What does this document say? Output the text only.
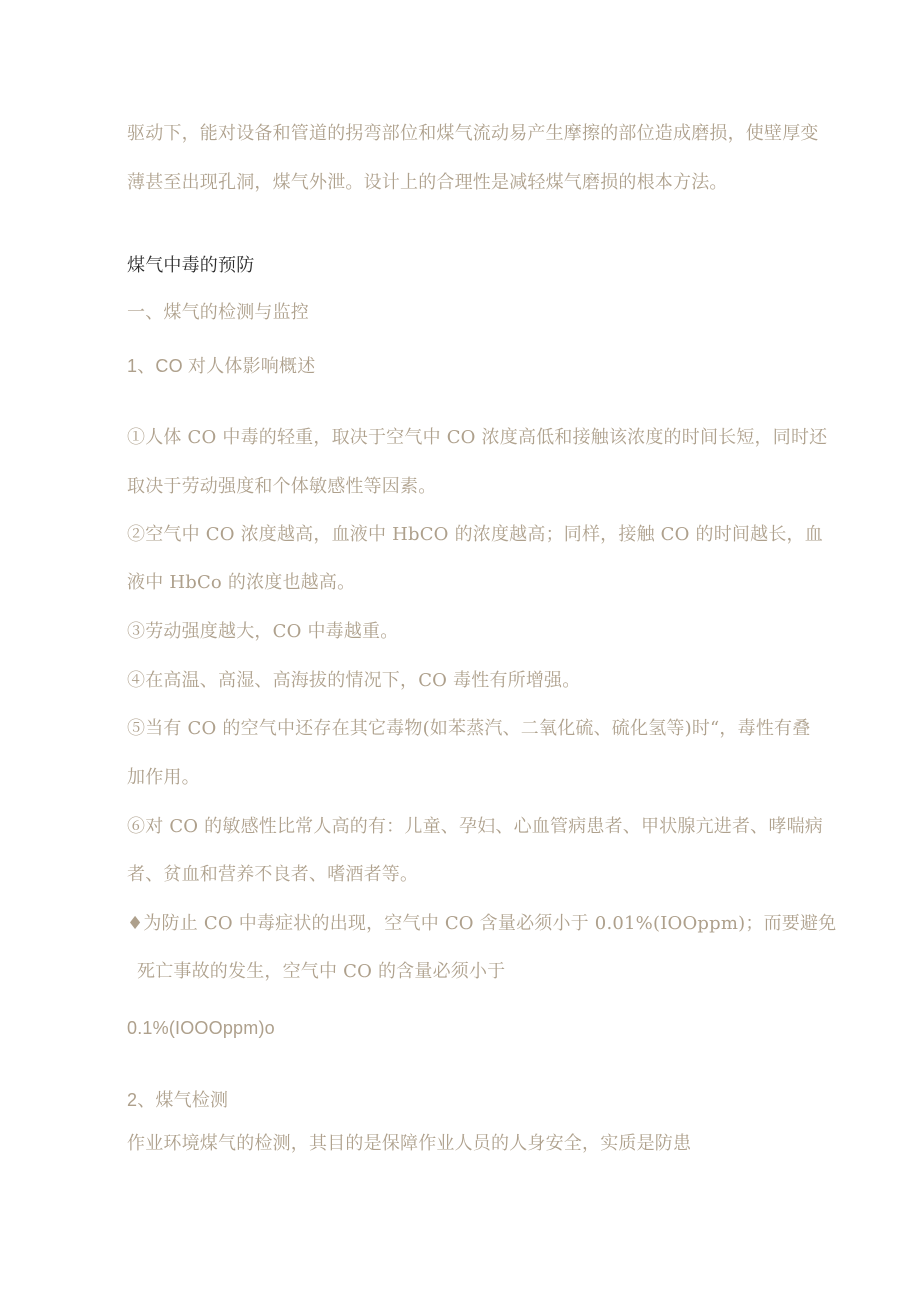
驱动下，能对设备和管道的拐弯部位和煤气流动易产生摩擦的部位造成磨损，使壁厚变
薄甚至出现孔洞，煤气外泄。设计上的合理性是减轻煤气磨损的根本方法。
煤气中毒的预防
一、煤气的检测与监控
1、CO 对人体影响概述
①人体 CO 中毒的轻重，取决于空气中 CO 浓度高低和接触该浓度的时间长短，同时还
取决于劳动强度和个体敏感性等因素。
②空气中 CO 浓度越高，血液中 HbCO 的浓度越高；同样，接触 CO 的时间越长，血
液中 HbCo 的浓度也越高。
③劳动强度越大，CO 中毒越重。
④在高温、高湿、高海拔的情况下，CO 毒性有所增强。
⑤当有 CO 的空气中还存在其它毒物(如苯蒸汽、二氧化硫、硫化氢等)时“，毒性有叠
加作用。
⑥对 CO 的敏感性比常人高的有：儿童、孕妇、心血管病患者、甲状腺亢进者、哮喘病
者、贫血和营养不良者、嗜酒者等。
♦为防止 CO 中毒症状的出现，空气中 CO 含量必须小于 0.01%(IOOppm)；而要避免
死亡事故的发生，空气中 CO 的含量必须小于
0.1%(IOOOppm)o
2、煤气检测
作业环境煤气的检测，其目的是保障作业人员的人身安全，实质是防患
